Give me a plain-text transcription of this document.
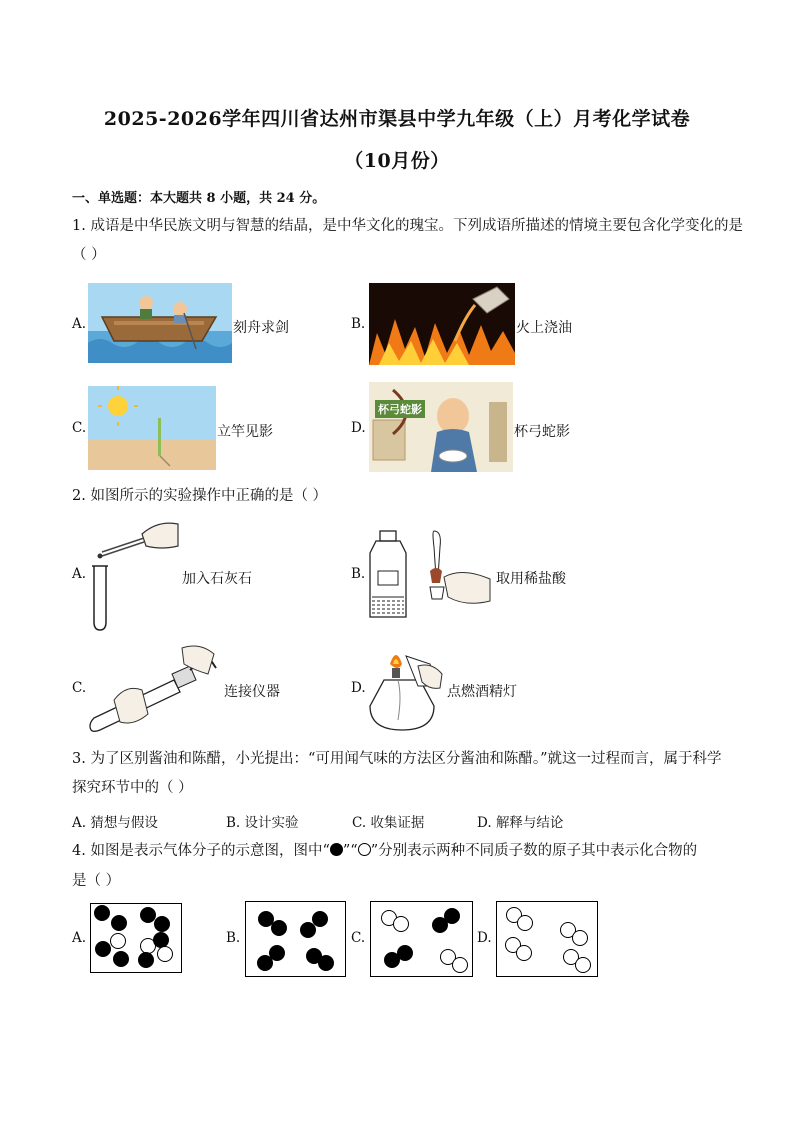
2025-2026学年四川省达州市渠县中学九年级（上）月考化学试卷
（10月份）
一、单选题：本大题共 8 小题，共 24 分。
1. 成语是中华民族文明与智慧的结晶，是中华文化的瑰宝。下列成语所描述的情境主要包含化学变化的是
（ ）
A.	刻舟求剑	B.	火上浇油
C.	立竿见影	D.
杯弓蛇影
杯弓蛇影
2. 如图所示的实验操作中正确的是（ ）
A.	加入石灰石	B.	取用稀盐酸
C.	连接仪器	D.	点燃酒精灯
3. 为了区别酱油和陈醋，小光提出：“可用闻气味的方法区分酱油和陈醋。”就这一过程而言，属于科学
探究环节中的（ ）
A. 猜想与假设	B. 设计实验	C. 收集证据	D. 解释与结论
4. 如图是表示气体分子的示意图，图中“ ”“ ”分别表示两种不同质子数的原子其中表示化合物的
是（ ）
A.	B.	C.	D.
